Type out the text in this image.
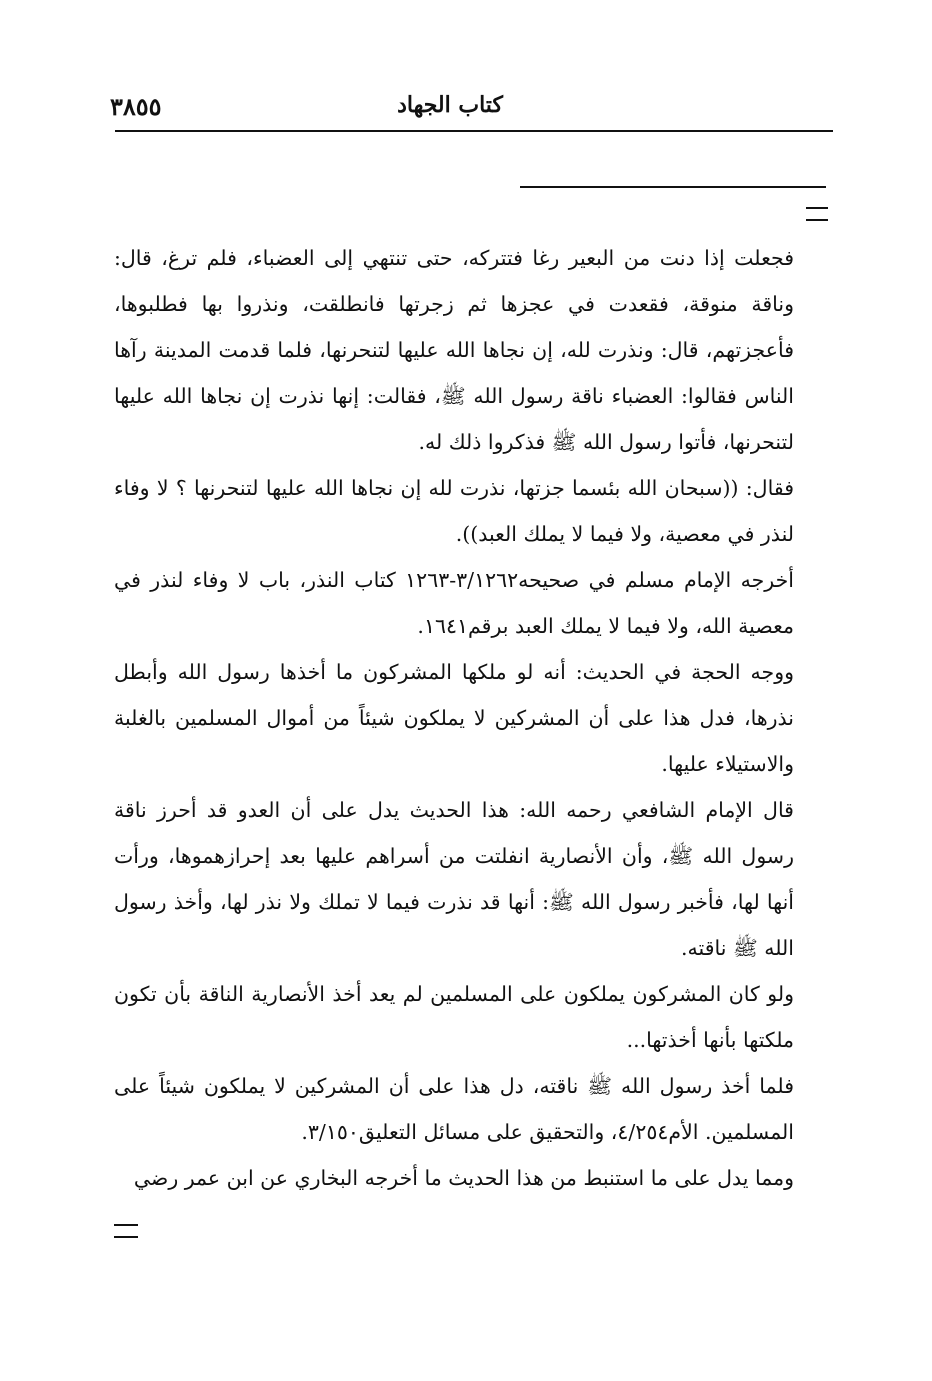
كتاب الجهاد
٣٨٥٥

فجعلت إذا دنت من البعير رغا فتتركه، حتى تنتهي إلى العضباء، فلم ترغ، قال: وناقة منوقة، فقعدت في عجزها ثم زجرتها فانطلقت، ونذروا بها فطلبوها، فأعجزتهم، قال: ونذرت لله، إن نجاها الله عليها لتنحرنها، فلما قدمت المدينة رآها الناس فقالوا: العضباء ناقة رسول الله ﷺ، فقالت: إنها نذرت إن نجاها الله عليها لتنحرنها، فأتوا رسول الله ﷺ فذكروا ذلك له.

فقال: ((سبحان الله بئسما جزتها، نذرت لله إن نجاها الله عليها لتنحرنها ؟ لا وفاء لنذر في معصية، ولا فيما لا يملك العبد)).

أخرجه الإمام مسلم في صحيحه٣/١٢٦٢-١٢٦٣ كتاب النذر، باب لا وفاء لنذر في معصية الله، ولا فيما لا يملك العبد برقم١٦٤١.

ووجه الحجة في الحديث: أنه لو ملكها المشركون ما أخذها رسول الله وأبطل نذرها، فدل هذا على أن المشركين لا يملكون شيئاً من أموال المسلمين بالغلبة والاستيلاء عليها.

قال الإمام الشافعي رحمه الله: هذا الحديث يدل على أن العدو قد أحرز ناقة رسول الله ﷺ، وأن الأنصارية انفلتت من أسراهم عليها بعد إحرازهموها، ورأت أنها لها، فأخبر رسول الله ﷺ: أنها قد نذرت فيما لا تملك ولا نذر لها، وأخذ رسول الله ﷺ ناقته.

ولو كان المشركون يملكون على المسلمين لم يعد أخذ الأنصارية الناقة بأن تكون ملكتها بأنها أخذتها...

فلما أخذ رسول الله ﷺ ناقته، دل هذا على أن المشركين لا يملكون شيئاً على المسلمين. الأم٤/٢٥٤، والتحقيق على مسائل التعليق٣/١٥٠.

ومما يدل على ما استنبط من هذا الحديث ما أخرجه البخاري عن ابن عمر رضي
